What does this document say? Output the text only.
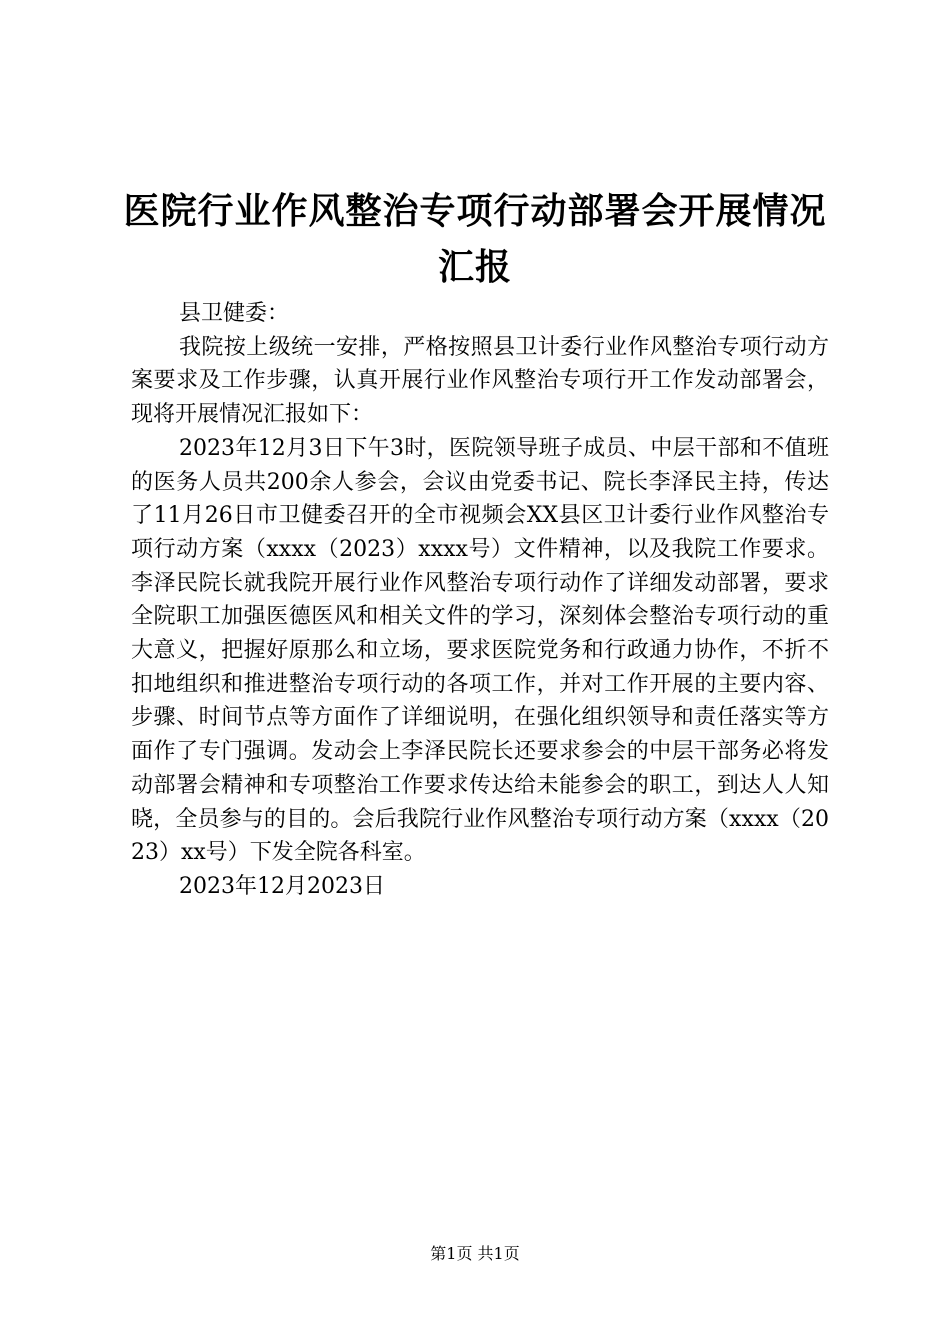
医院行业作风整治专项行动部署会开展情况汇报

县卫健委：

我院按上级统一安排，严格按照县卫计委行业作风整治专项行动方案要求及工作步骤，认真开展行业作风整治专项行开工作发动部署会，现将开展情况汇报如下：

2023年12月3日下午3时，医院领导班子成员、中层干部和不值班的医务人员共200余人参会，会议由党委书记、院长李泽民主持，传达了11月26日市卫健委召开的全市视频会XX县区卫计委行业作风整治专项行动方案（xxxx（2023）xxxx号）文件精神，以及我院工作要求。李泽民院长就我院开展行业作风整治专项行动作了详细发动部署，要求全院职工加强医德医风和相关文件的学习，深刻体会整治专项行动的重大意义，把握好原那么和立场，要求医院党务和行政通力协作，不折不扣地组织和推进整治专项行动的各项工作，并对工作开展的主要内容、步骤、时间节点等方面作了详细说明，在强化组织领导和责任落实等方面作了专门强调。发动会上李泽民院长还要求参会的中层干部务必将发动部署会精神和专项整治工作要求传达给未能参会的职工，到达人人知晓，全员参与的目的。会后我院行业作风整治专项行动方案（xxxx（2023）xx号）下发全院各科室。

2023年12月2023日

第1页 共1页
